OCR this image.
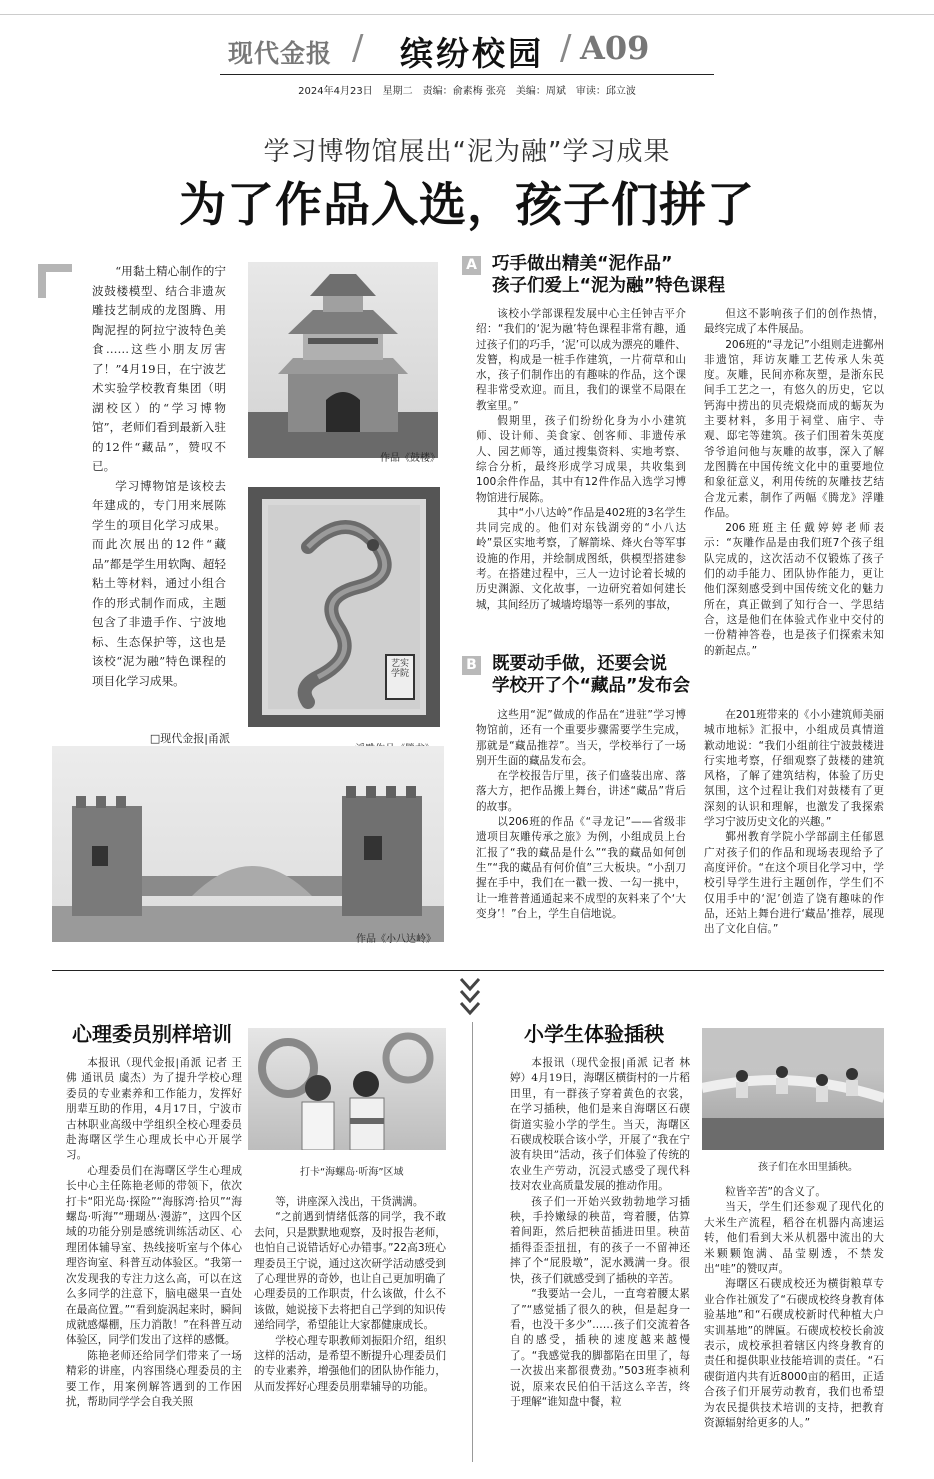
现代金报 / 缤纷校园 / A09
2024年4月23日　星期二　责编：俞素梅 张亮　美编：周斌　审读：邱立波
学习博物馆展出“泥为融”学习成果
为了作品入选，孩子们拼了

“用黏土精心制作的宁波鼓楼模型、结合非遗灰雕技艺制成的龙图腾、用陶泥捏的阿拉宁波特色美食……这些小朋友厉害了！”4月19日，在宁波艺术实验学校教育集团（明湖校区）的“学习博物馆”，老师们看到最新入驻的12件“藏品”，赞叹不已。

学习博物馆是该校去年建成的，专门用来展陈学生的项目化学习成果。而此次展出的12件“藏品”都是学生用软陶、超轻粘土等材料，通过小组合作的形式制作而成，主题包含了非遗手作、宁波地标、生态保护等，这也是该校“泥为融”特色课程的项目化学习成果。

□现代金报|甬派
作品《鼓楼》
艺实学院
作品《小八达岭》
A 巧手做出精美“泥作品”
孩子们爱上“泥为融”特色课程

该校小学部课程发展中心主任钟吉平介绍：“我们的‘泥为融’特色课程非常有趣，通过孩子们的巧手，‘泥’可以成为漂亮的雕件、发簪，构成是一桩手作建筑，一片荷草和山水，孩子们制作出的有趣味的作品，这个课程非常受欢迎。而且，我们的课堂不局限在教室里。”

假期里，孩子们纷纷化身为小小建筑师、设计师、美食家、创客师、非遗传承人、园艺师等，通过搜集资料、实地考察、综合分析，最终形成学习成果，共收集到100余件作品，其中有12件作品入选学习博物馆进行展陈。

其中“小八达岭”作品是402班的3名学生共同完成的。他们对东钱湖旁的“小八达岭”景区实地考察，了解箭垛、烽火台等军事设施的作用，并绘制成图纸，供模型搭建参考。在搭建过程中，三人一边讨论着长城的历史渊源、文化故事，一边研究着如何建长城，其间经历了城墙垮塌等一系列的事故，

但这不影响孩子们的创作热情，最终完成了本件展品。

206班的“寻龙记”小组则走进鄞州非遗馆，拜访灰雕工艺传承人朱英度。灰雕，民间亦称灰塑，是浙东民间手工艺之一，有悠久的历史，它以钙海中捞出的贝壳煅烧而成的蛎灰为主要材料，多用于祠堂、庙宇、寺观、邸宅等建筑。孩子们围着朱英度爷爷追问他与灰雕的故事，深入了解龙图腾在中国传统文化中的重要地位和象征意义，利用传统的灰雕技艺结合龙元素，制作了两幅《腾龙》浮雕作品。

206班班主任戴婷婷老师表示：“灰雕作品是由我们班7个孩子组队完成的，这次活动不仅锻炼了孩子们的动手能力、团队协作能力，更让他们深刻感受到中国传统文化的魅力所在，真正做到了知行合一、学思结合，这是他们在体验式作业中交付的一份精神答卷，也是孩子们探索未知的新起点。”

B 既要动手做，还要会说
学校开了个“藏品”发布会

这些用“泥”做成的作品在“进驻”学习博物馆前，还有一个重要步骤需要学生完成，那就是“藏品推荐”。当天，学校举行了一场别开生面的藏品发布会。

在学校报告厅里，孩子们盛装出席、落落大方，把作品搬上舞台，讲述“藏品”背后的故事。

以206班的作品《“寻龙记”——省级非遗项目灰雕传承之旅》为例，小组成员上台汇报了“我的藏品是什么”“我的藏品如何创生”“我的藏品有何价值”三大板块。“小刮刀握在手中，我们在一戳一拨、一勾一挑中，让一堆普普通通起来不成型的灰料来了个‘大变身’！”台上，学生自信地说。

在201班带来的《小小建筑师美丽城市地标》汇报中，小组成员真情道歉动地说：“我们小组前往宁波鼓楼进行实地考察，仔细观察了鼓楼的建筑风格，了解了建筑结构，体验了历史氛围，这个过程让我们对鼓楼有了更深刻的认识和理解，也激发了我探索学习宁波历史文化的兴趣。”

鄞州教育学院小学部副主任郁恩广对孩子们的作品和现场表现给予了高度评价。“在这个项目化学习中，学校引导学生进行主题创作，学生们不仅用手中的‘泥’创造了饶有趣味的作品，还站上舞台进行‘藏品’推荐，展现出了文化自信。”

心理委员别样培训
打卡“海螺岛·听海”区域

本报讯（现代金报|甬派 记者 王佛 通讯员 虞杰）为了提升学校心理委员的专业素养和工作能力，发挥好朋辈互助的作用，4月17日，宁波市古林职业高级中学组织全校心理委员赴海曙区学生心理成长中心开展学习。

心理委员们在海曙区学生心理成长中心主任陈艳老师的带领下，依次打卡“阳光岛·探险”“海豚湾·拾贝”“海螺岛·听海”“珊瑚丛·漫游”，这四个区域的功能分别是感统训练活动区、心理团体辅导室、热线接听室与个体心理咨询室、科普互动体验区。“我第一次发现我的专注力这么高，可以在这么多同学的注意下，脑电磁果一直处在最高位置。”“看到旋涡起来时，瞬间成就感爆棚，压力消散！”在科普互动体验区，同学们发出了这样的感慨。

陈艳老师还给同学们带来了一场精彩的讲座，内容围绕心理委员的主要工作，用案例解答遇到的工作困扰，帮助同学学会自我关照

等，讲座深入浅出，干货满满。

“之前遇到情绪低落的同学，我不敢去问，只是默默地观察，及时报告老师，也怕自己说错话好心办错事。”22高3班心理委员王宁说，通过这次研学活动感受到了心理世界的奇妙，也让自己更加明确了心理委员的工作职责，什么该做，什么不该做，她说接下去将把自己学到的知识传递给同学，希望能让大家都健康成长。

学校心理专职教师刘振阳介绍，组织这样的活动，是希望不断提升心理委员们的专业素养，增强他们的团队协作能力，从而发挥好心理委员朋辈辅导的功能。

小学生体验插秧
孩子们在水田里插秧。

本报讯（现代金报|甬派 记者 林婷）4月19日，海曙区横街村的一片稻田里，有一群孩子穿着黄色的衣裳，在学习插秧，他们是来自海曙区石碶街道实验小学的学生。当天，海曙区石碶成校联合该小学，开展了“我在宁波有块田”活动，孩子们体验了传统的农业生产劳动，沉浸式感受了现代科技对农业高质量发展的推动作用。

孩子们一开始兴致勃勃地学习插秧，手拎嫩绿的秧苗，弯着腰，估算着间距，然后把秧苗插进田里。秧苗插得歪歪扭扭，有的孩子一不留神还摔了个“屁股墩”，泥水溅满一身。很快，孩子们就感受到了插秧的辛苦。

“我要站一会儿，一直弯着腰太累了”“感觉插了很久的秧，但是起身一看，也没干多少”……孩子们交流着各自的感受，插秧的速度越来越慢了。“我感觉我的脚都陷在田里了，每一次拔出来都很费劲。”503班李祯利说，原来农民伯伯干活这么辛苦，终于理解“谁知盘中餐，粒

粒皆辛苦”的含义了。

当天，学生们还参观了现代化的大米生产流程，稻谷在机器内高速运转，他们看到大米从机器中流出的大米颗颗饱满、晶莹剔透，不禁发出“哇”的赞叹声。

海曙区石碶成校还为横街粮草专业合作社颁发了“石碶成校终身教育体验基地”和“石碶成校新时代种植大户实训基地”的牌匾。石碶成校校长俞波表示，成校承担着辖区内终身教育的责任和提供职业技能培训的责任。“石碶街道内共有近8000亩的稻田，正适合孩子们开展劳动教育，我们也希望为农民提供技术培训的支持，把教育资源辐射给更多的人。”
